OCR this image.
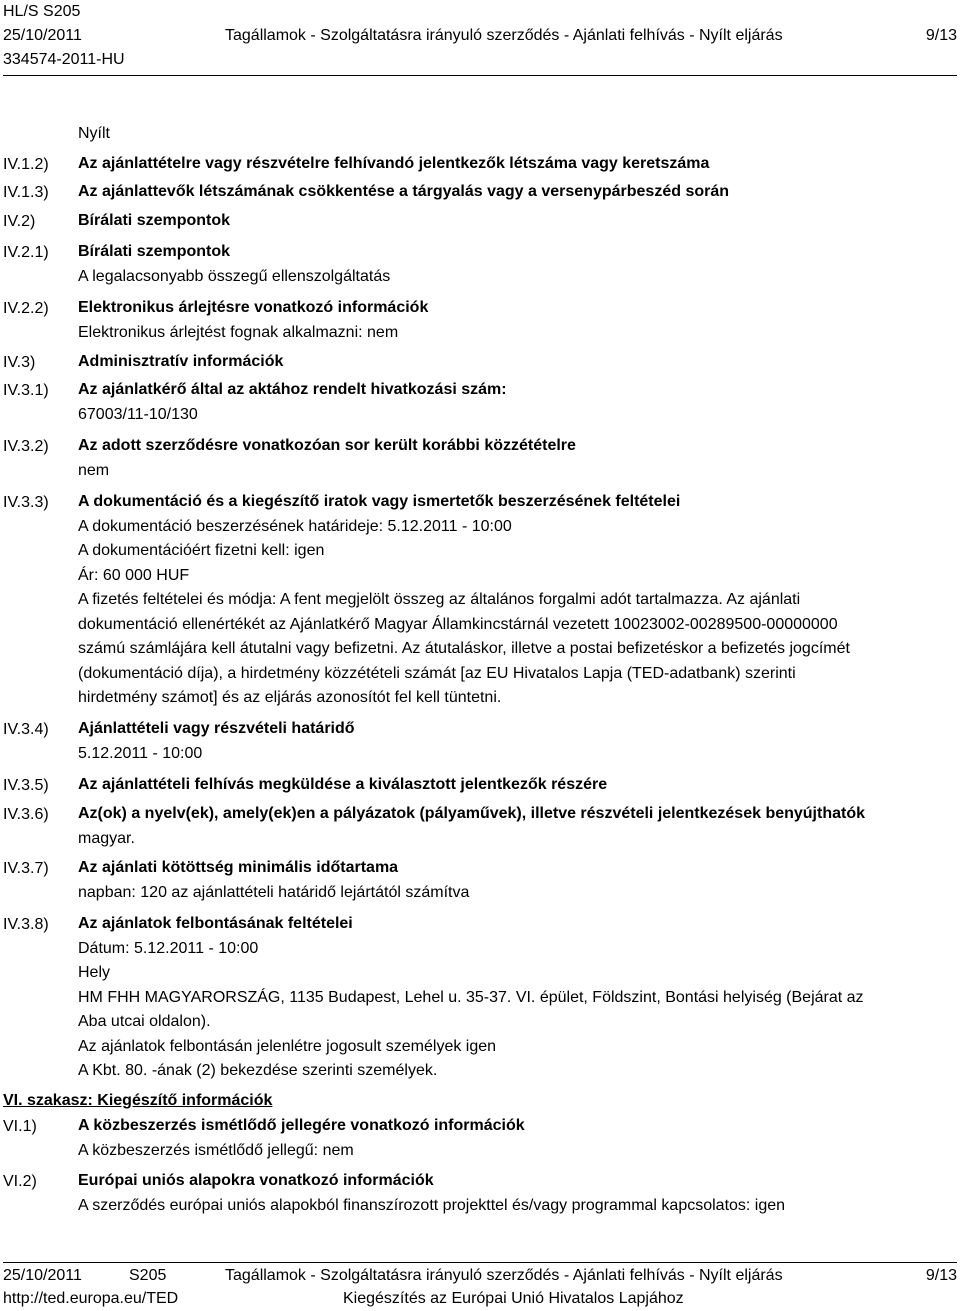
HL/S S205
25/10/2011
334574-2011-HU
Tagállamok - Szolgáltatásra irányuló szerződés - Ajánlati felhívás - Nyílt eljárás	9/13
Nyílt
IV.1.2) Az ajánlattételre vagy részvételre felhívandó jelentkezők létszáma vagy keretszáma
IV.1.3) Az ajánlattevők létszámának csökkentése a tárgyalás vagy a versenypárbeszéd során
IV.2)	Bírálati szempontok
IV.2.1) Bírálati szempontok
A legalacsonyabb összegű ellenszolgáltatás
IV.2.2) Elektronikus árlejtésre vonatkozó információk
Elektronikus árlejtést fognak alkalmazni: nem
IV.3)	Adminisztratív információk
IV.3.1) Az ajánlatkérő által az aktához rendelt hivatkozási szám:
67003/11-10/130
IV.3.2) Az adott szerződésre vonatkozóan sor került korábbi közzétételre
nem
IV.3.3) A dokumentáció és a kiegészítő iratok vagy ismertetők beszerzésének feltételei
A dokumentáció beszerzésének határideje: 5.12.2011 - 10:00
A dokumentációért fizetni kell: igen
Ár: 60 000 HUF
A fizetés feltételei és módja: A fent megjelölt összeg az általános forgalmi adót tartalmazza. Az ajánlati
dokumentáció ellenértékét az Ajánlatkérő Magyar Államkincstárnál vezetett 10023002-00289500-00000000
számú számlájára kell átutalni vagy befizetni. Az átutaláskor, illetve a postai befizetéskor a befizetés jogcímét
(dokumentáció díja), a hirdetmény közzétételi számát [az EU Hivatalos Lapja (TED-adatbank) szerinti
hirdetmény számot] és az eljárás azonosítót fel kell tüntetni.
IV.3.4) Ajánlattételi vagy részvételi határidő
5.12.2011 - 10:00
IV.3.5) Az ajánlattételi felhívás megküldése a kiválasztott jelentkezők részére
IV.3.6) Az(ok) a nyelv(ek), amely(ek)en a pályázatok (pályaművek), illetve részvételi jelentkezések benyújthatók
magyar.
IV.3.7) Az ajánlati kötöttség minimális időtartama
napban: 120 az ajánlattételi határidő lejártától számítva
IV.3.8) Az ajánlatok felbontásának feltételei
Dátum: 5.12.2011 - 10:00
Hely
HM FHH MAGYARORSZÁG, 1135 Budapest, Lehel u. 35-37. VI. épület, Földszint, Bontási helyiség (Bejárat az
Aba utcai oldalon).
Az ajánlatok felbontásán jelenlétre jogosult személyek igen
A Kbt. 80. -ának (2) bekezdése szerinti személyek.
VI. szakasz: Kiegészítő információk
VI.1)	A közbeszerzés ismétlődő jellegére vonatkozó információk
A közbeszerzés ismétlődő jellegű: nem
VI.2)	Európai uniós alapokra vonatkozó információk
A szerződés európai uniós alapokból finanszírozott projekttel és/vagy programmal kapcsolatos: igen
25/10/2011	S205	Tagállamok - Szolgáltatásra irányuló szerződés - Ajánlati felhívás - Nyílt eljárás	9/13
http://ted.europa.eu/TED	Kiegészítés az Európai Unió Hivatalos Lapjához
